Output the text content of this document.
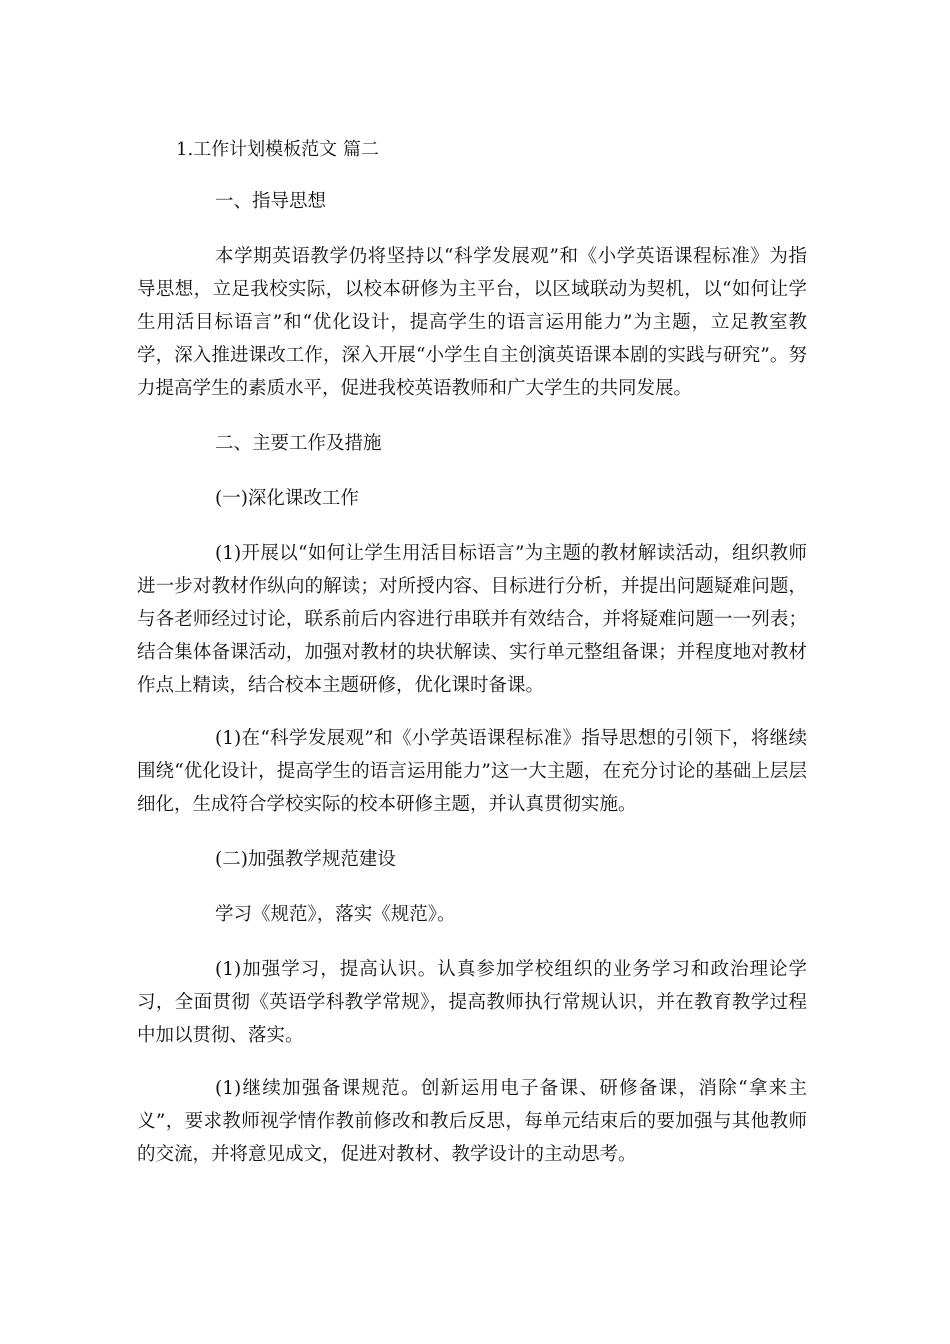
1.工作计划模板范文 篇二

一、指导思想

本学期英语教学仍将坚持以“科学发展观”和《小学英语课程标准》为指导思想，立足我校实际，以校本研修为主平台，以区域联动为契机，以“如何让学生用活目标语言”和“优化设计，提高学生的语言运用能力”为主题，立足教室教学，深入推进课改工作，深入开展“小学生自主创演英语课本剧的实践与研究”。努力提高学生的素质水平，促进我校英语教师和广大学生的共同发展。

二、主要工作及措施

(一)深化课改工作

(1)开展以“如何让学生用活目标语言”为主题的教材解读活动，组织教师进一步对教材作纵向的解读；对所授内容、目标进行分析，并提出问题疑难问题，与各老师经过讨论，联系前后内容进行串联并有效结合，并将疑难问题一一列表；结合集体备课活动，加强对教材的块状解读、实行单元整组备课；并程度地对教材作点上精读，结合校本主题研修，优化课时备课。

(1)在“科学发展观”和《小学英语课程标准》指导思想的引领下，将继续围绕“优化设计，提高学生的语言运用能力”这一大主题，在充分讨论的基础上层层细化，生成符合学校实际的校本研修主题，并认真贯彻实施。

(二)加强教学规范建设

学习《规范》，落实《规范》。

(1)加强学习，提高认识。认真参加学校组织的业务学习和政治理论学习，全面贯彻《英语学科教学常规》，提高教师执行常规认识，并在教育教学过程中加以贯彻、落实。

(1)继续加强备课规范。创新运用电子备课、研修备课，消除“拿来主义”，要求教师视学情作教前修改和教后反思，每单元结束后的要加强与其他教师的交流，并将意见成文，促进对教材、教学设计的主动思考。
